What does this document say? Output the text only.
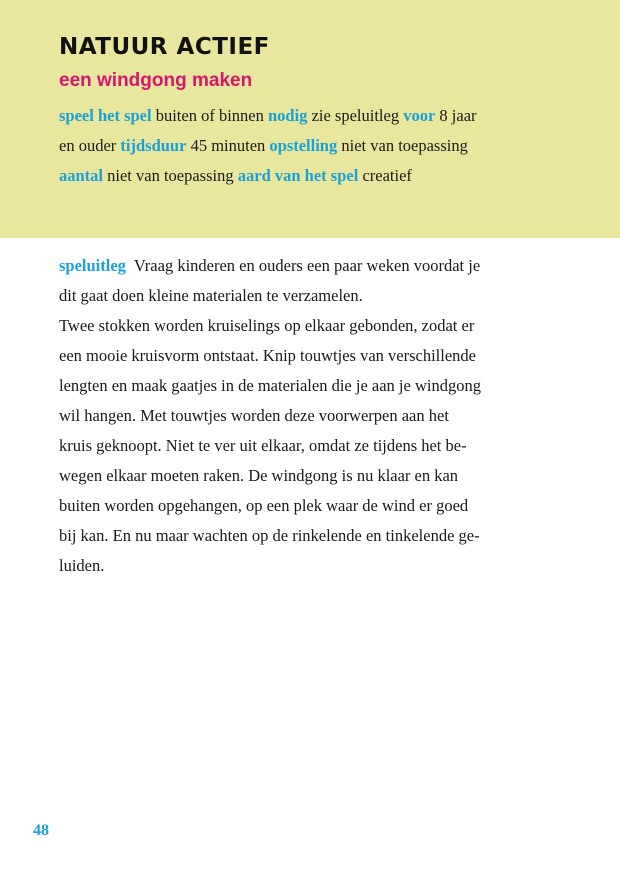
NATUUR ACTIEF
een windgong maken
speel het spel buiten of binnen nodig zie speluitleg voor 8 jaar
en ouder tijdsduur 45 minuten opstelling niet van toepassing
aantal niet van toepassing aard van het spel creatief
speluitleg  Vraag kinderen en ouders een paar weken voordat je
dit gaat doen kleine materialen te verzamelen.
Twee stokken worden kruiselings op elkaar gebonden, zodat er
een mooie kruisvorm ontstaat. Knip touwtjes van verschillende
lengten en maak gaatjes in de materialen die je aan je windgong
wil hangen. Met touwtjes worden deze voorwerpen aan het
kruis geknoopt. Niet te ver uit elkaar, omdat ze tijdens het be-
wegen elkaar moeten raken. De windgong is nu klaar en kan
buiten worden opgehangen, op een plek waar de wind er goed
bij kan. En nu maar wachten op de rinkelende en tinkelende ge-
luiden.
48
